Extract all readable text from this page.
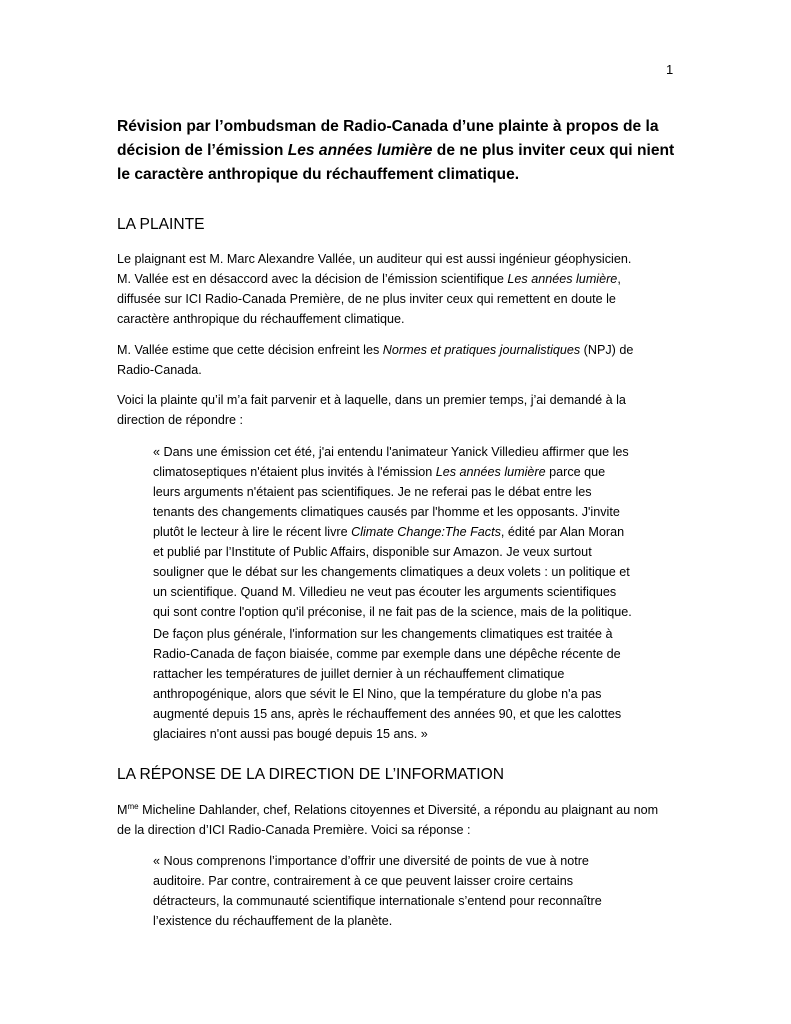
1
Révision par l’ombudsman de Radio-Canada d’une plainte à propos de la
décision de l’émission Les années lumière de ne plus inviter ceux qui nient
le caractère anthropique du réchauffement climatique.
LA PLAINTE

Le plaignant est M. Marc Alexandre Vallée, un auditeur qui est aussi ingénieur géophysicien.
M. Vallée est en désaccord avec la décision de l’émission scientifique Les années lumière,
diffusée sur ICI Radio-Canada Première, de ne plus inviter ceux qui remettent en doute le
caractère anthropique du réchauffement climatique.

M. Vallée estime que cette décision enfreint les Normes et pratiques journalistiques (NPJ) de
Radio-Canada.

Voici la plainte qu’il m’a fait parvenir et à laquelle, dans un premier temps, j’ai demandé à la
direction de répondre :

« Dans une émission cet été, j'ai entendu l'animateur Yanick Villedieu affirmer que les
climatoseptiques n'étaient plus invités à l'émission Les années lumière parce que
leurs arguments n'étaient pas scientifiques. Je ne referai pas le débat entre les
tenants des changements climatiques causés par l'homme et les opposants. J'invite
plutôt le lecteur à lire le récent livre Climate Change:The Facts, édité par Alan Moran
et publié par l’Institute of Public Affairs, disponible sur Amazon. Je veux surtout
souligner que le débat sur les changements climatiques a deux volets : un politique et
un scientifique. Quand M. Villedieu ne veut pas écouter les arguments scientifiques
qui sont contre l'option qu'il préconise, il ne fait pas de la science, mais de la politique.
De façon plus générale, l'information sur les changements climatiques est traitée à
Radio-Canada de façon biaisée, comme par exemple dans une dépêche récente de
rattacher les températures de juillet dernier à un réchauffement climatique
anthropogénique, alors que sévit le El Nino, que la température du globe n'a pas
augmenté depuis 15 ans, après le réchauffement des années 90, et que les calottes
glaciaires n'ont aussi pas bougé depuis 15 ans. »
LA RÉPONSE DE LA DIRECTION DE L’INFORMATION

$M^{me}$ Micheline Dahlander, chef, Relations citoyennes et Diversité, a répondu au plaignant au nom
de la direction d’ICI Radio-Canada Première. Voici sa réponse :

« Nous comprenons l’importance d’offrir une diversité de points de vue à notre
auditoire. Par contre, contrairement à ce que peuvent laisser croire certains
détracteurs, la communauté scientifique internationale s’entend pour reconnaître
l’existence du réchauffement de la planète.
